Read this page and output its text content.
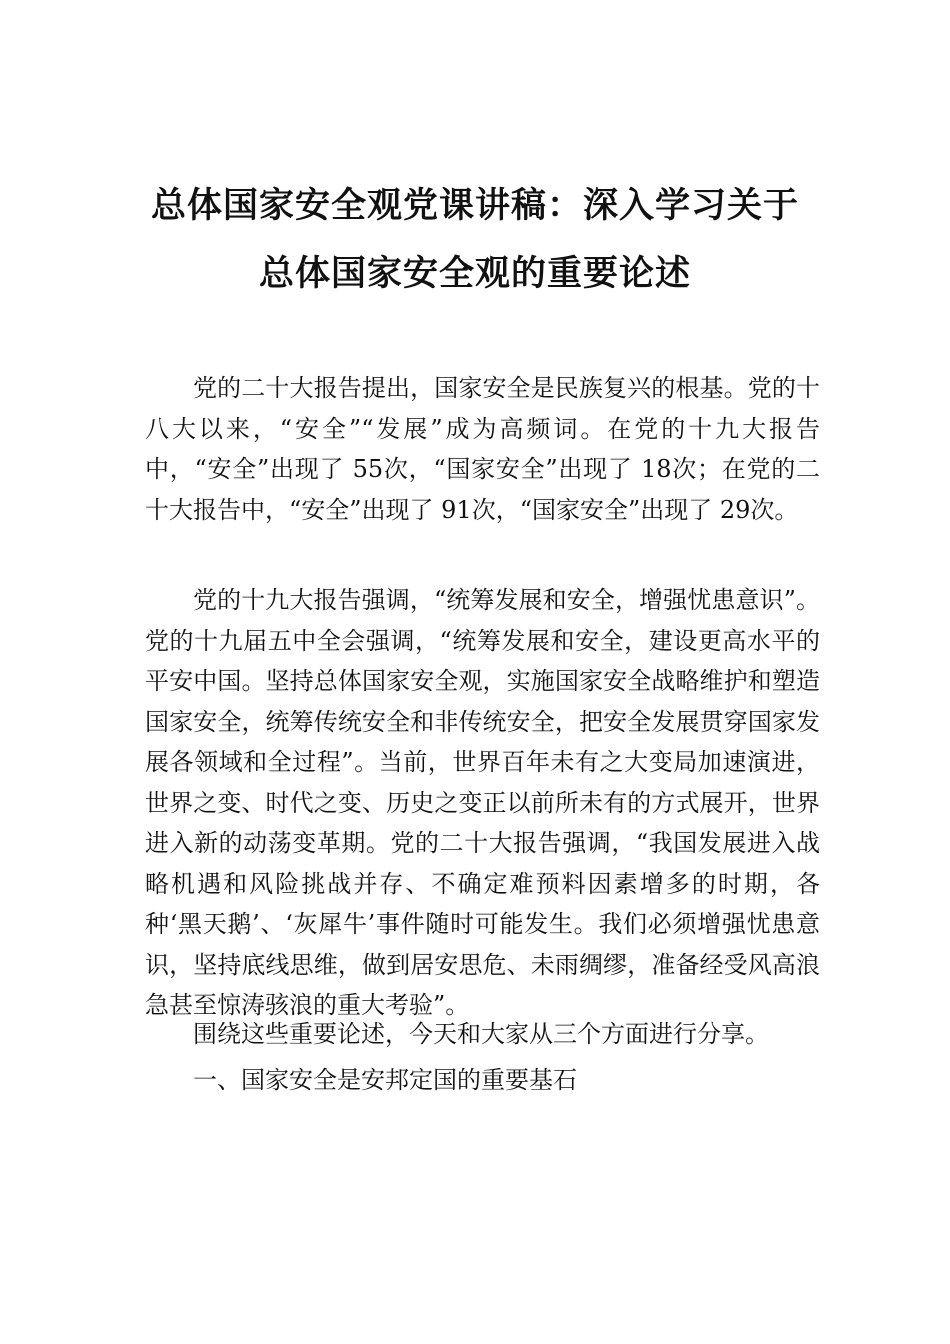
总体国家安全观党课讲稿：深入学习关于
总体国家安全观的重要论述

党的二十大报告提出，国家安全是民族复兴的根基。党的十八大以来，“安全”“发展”成为高频词。在党的十九大报告中，“安全”出现了 55次，“国家安全”出现了 18次；在党的二十大报告中，“安全”出现了 91次，“国家安全”出现了 29次。

党的十九大报告强调，“统筹发展和安全，增强忧患意识”。党的十九届五中全会强调，“统筹发展和安全，建设更高水平的平安中国。坚持总体国家安全观，实施国家安全战略维护和塑造国家安全，统筹传统安全和非传统安全，把安全发展贯穿国家发展各领域和全过程”。当前，世界百年未有之大变局加速演进，世界之变、时代之变、历史之变正以前所未有的方式展开，世界进入新的动荡变革期。党的二十大报告强调，“我国发展进入战略机遇和风险挑战并存、不确定难预料因素增多的时期，各种‘黑天鹅’、‘灰犀牛’事件随时可能发生。我们必须增强忧患意识，坚持底线思维，做到居安思危、未雨绸缪，准备经受风高浪急甚至惊涛骇浪的重大考验”。

围绕这些重要论述，今天和大家从三个方面进行分享。

一、国家安全是安邦定国的重要基石
